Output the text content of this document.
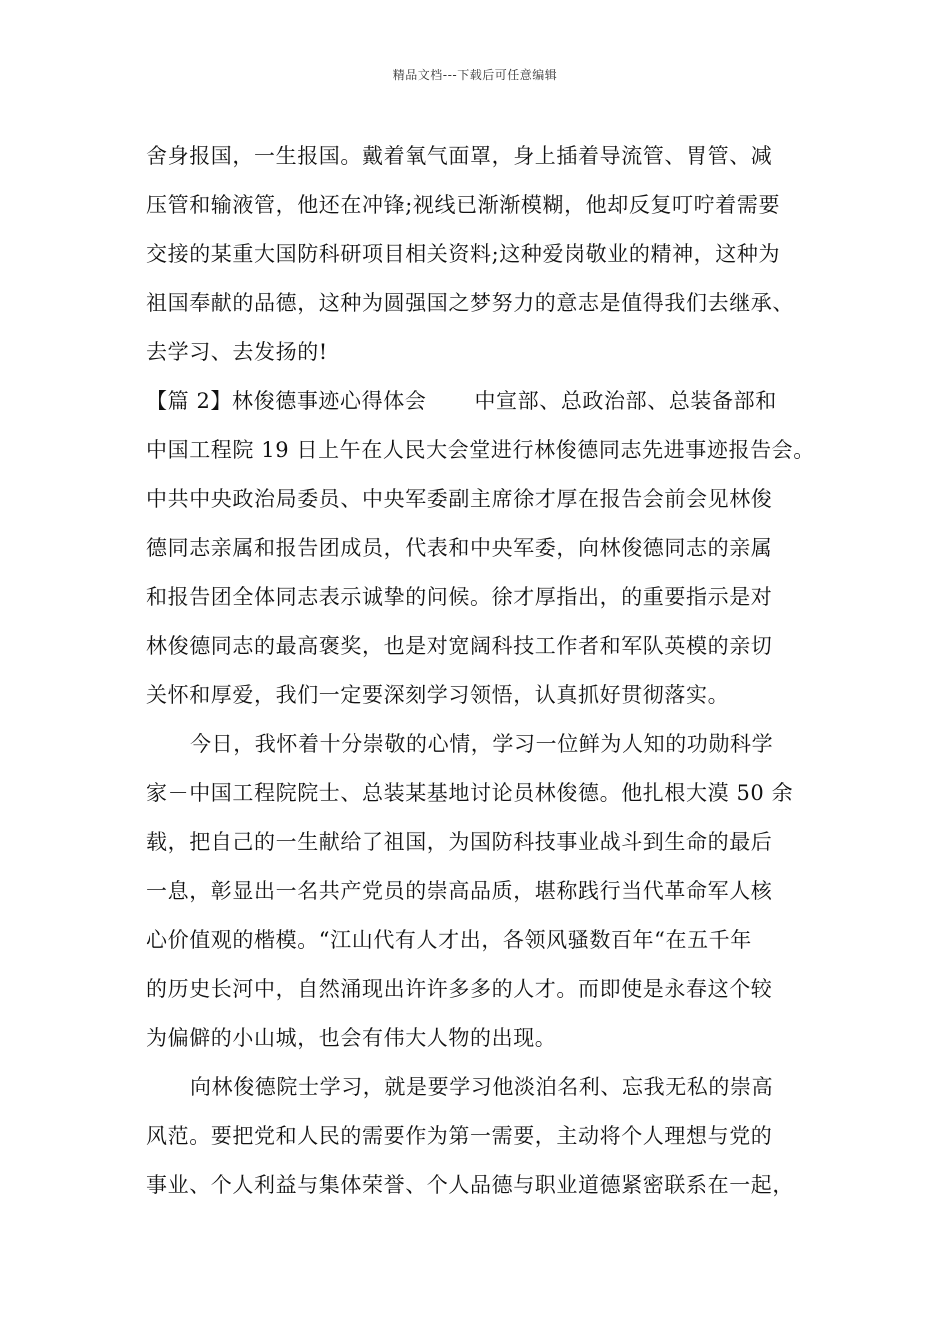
精品文档---下载后可任意编辑
舍身报国，一生报国。戴着氧气面罩，身上插着导流管、胃管、减
压管和输液管，他还在冲锋;视线已渐渐模糊，他却反复叮咛着需要
交接的某重大国防科研项目相关资料;这种爱岗敬业的精神，这种为
祖国奉献的品德，这种为圆强国之梦努力的意志是值得我们去继承、
去学习、去发扬的!
【篇 2】林俊德事迹心得体会 中宣部、总政治部、总装备部和
中国工程院 19 日上午在人民大会堂进行林俊德同志先进事迹报告会。
中共中央政治局委员、中央军委副主席徐才厚在报告会前会见林俊
德同志亲属和报告团成员，代表和中央军委，向林俊德同志的亲属
和报告团全体同志表示诚挚的问候。徐才厚指出，的重要指示是对
林俊德同志的最高褒奖，也是对宽阔科技工作者和军队英模的亲切
关怀和厚爱，我们一定要深刻学习领悟，认真抓好贯彻落实。
今日，我怀着十分崇敬的心情，学习一位鲜为人知的功勋科学
家－中国工程院院士、总装某基地讨论员林俊德。他扎根大漠 50 余
载，把自己的一生献给了祖国，为国防科技事业战斗到生命的最后
一息，彰显出一名共产党员的崇高品质，堪称践行当代革命军人核
心价值观的楷模。“江山代有人才出，各领风骚数百年“在五千年
的历史长河中，自然涌现出许许多多的人才。而即使是永春这个较
为偏僻的小山城，也会有伟大人物的出现。
向林俊德院士学习，就是要学习他淡泊名利、忘我无私的崇高
风范。要把党和人民的需要作为第一需要，主动将个人理想与党的
事业、个人利益与集体荣誉、个人品德与职业道德紧密联系在一起，
